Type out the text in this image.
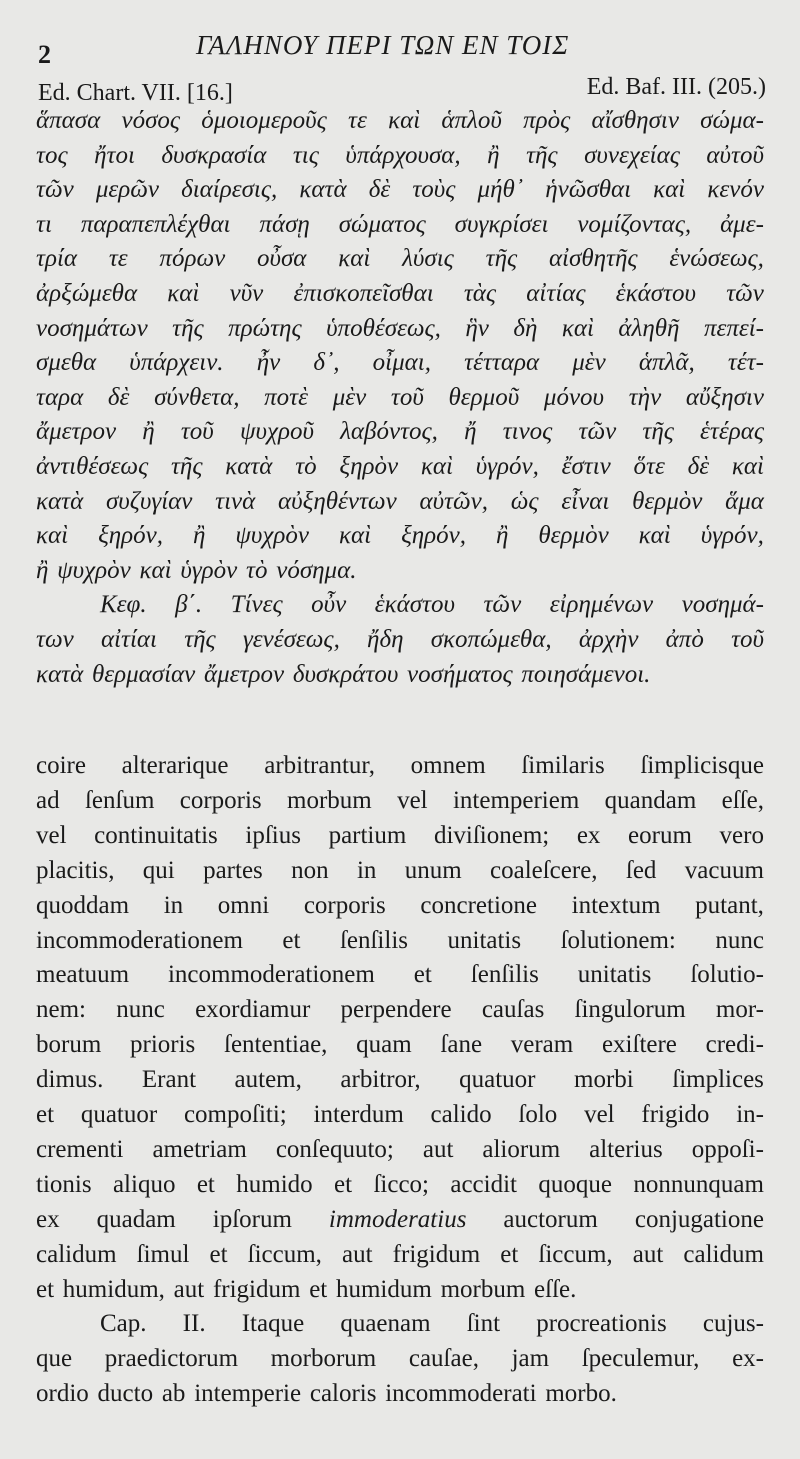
2	ΓΑΛΗΝΟΥ ΠΕΡΙ ΤΩΝ ΕΝ ΤΟΙΣ
Ed. Chart. VII. [16.]	Ed. Baf. III. (205.)
ἅπασα νόσος ὁμοιομεροῦς τε καὶ ἁπλοῦ πρὸς αἴσθησιν σώμα-
τος ἤτοι δυσκρασία τις ὑπάρχουσα, ἢ τῆς συνεχείας αὐτοῦ
τῶν μερῶν διαίρεσις, κατὰ δὲ τοὺς μήθ᾽ ἡνῶσθαι καὶ κενόν
τι παραπεπλέχθαι πάσῃ σώματος συγκρίσει νομίζοντας, ἀμε-
τρία τε πόρων οὖσα καὶ λύσις τῆς αἰσθητῆς ἑνώσεως,
ἀρξώμεθα καὶ νῦν ἐπισκοπεῖσθαι τὰς αἰτίας ἑκάστου τῶν
νοσημάτων τῆς πρώτης ὑποθέσεως, ἣν δὴ καὶ ἀληθῆ πεπεί-
σμεθα ὑπάρχειν. ἦν δ᾽, οἶμαι, τέτταρα μὲν ἁπλᾶ, τέτ-
ταρα δὲ σύνθετα, ποτὲ μὲν τοῦ θερμοῦ μόνου τὴν αὔξησιν
ἄμετρον ἢ τοῦ ψυχροῦ λαβόντος, ἤ τινος τῶν τῆς ἑτέρας
ἀντιθέσεως τῆς κατὰ τὸ ξηρὸν καὶ ὑγρόν, ἔστιν ὅτε δὲ καὶ
κατὰ συζυγίαν τινὰ αὐξηθέντων αὐτῶν, ὡς εἶναι θερμὸν ἅμα
καὶ ξηρόν, ἢ ψυχρὸν καὶ ξηρόν, ἢ θερμὸν καὶ ὑγρόν,
ἢ ψυχρὸν καὶ ὑγρὸν τὸ νόσημα.
Κεφ. β΄. Τίνες οὖν ἑκάστου τῶν εἰρημένων νοσημά-
των αἰτίαι τῆς γενέσεως, ἤδη σκοπώμεθα, ἀρχὴν ἀπὸ τοῦ
κατὰ θερμασίαν ἄμετρον δυσκράτου νοσήματος ποιησάμενοι.
coire alterarique arbitrantur, omnem ſimilaris ſimplicisque
ad ſenſum corporis morbum vel intemperiem quandam eſſe,
vel continuitatis ipſius partium diviſionem; ex eorum vero
placitis, qui partes non in unum coaleſcere, ſed vacuum
quoddam in omni corporis concretione intextum putant,
incommoderationem et ſenſilis unitatis ſolutionem: nunc
meatuum incommoderationem et ſenſilis unitatis ſolutio-
nem: nunc exordiamur perpendere cauſas ſingulorum mor-
borum prioris ſententiae, quam ſane veram exiſtere credi-
dimus. Erant autem, arbitror, quatuor morbi ſimplices
et quatuor compoſiti; interdum calido ſolo vel frigido in-
crementi ametriam conſequuto; aut aliorum alterius oppoſi-
tionis aliquo et humido et ſicco; accidit quoque nonnunquam
ex quadam ipſorum immoderatius auctorum conjugatione
calidum ſimul et ſiccum, aut frigidum et ſiccum, aut calidum
et humidum, aut frigidum et humidum morbum eſſe.
Cap. II. Itaque quaenam ſint procreationis cujus-
que praedictorum morborum cauſae, jam ſpeculemur, ex-
ordio ducto ab intemperie caloris incommoderati morbo.
